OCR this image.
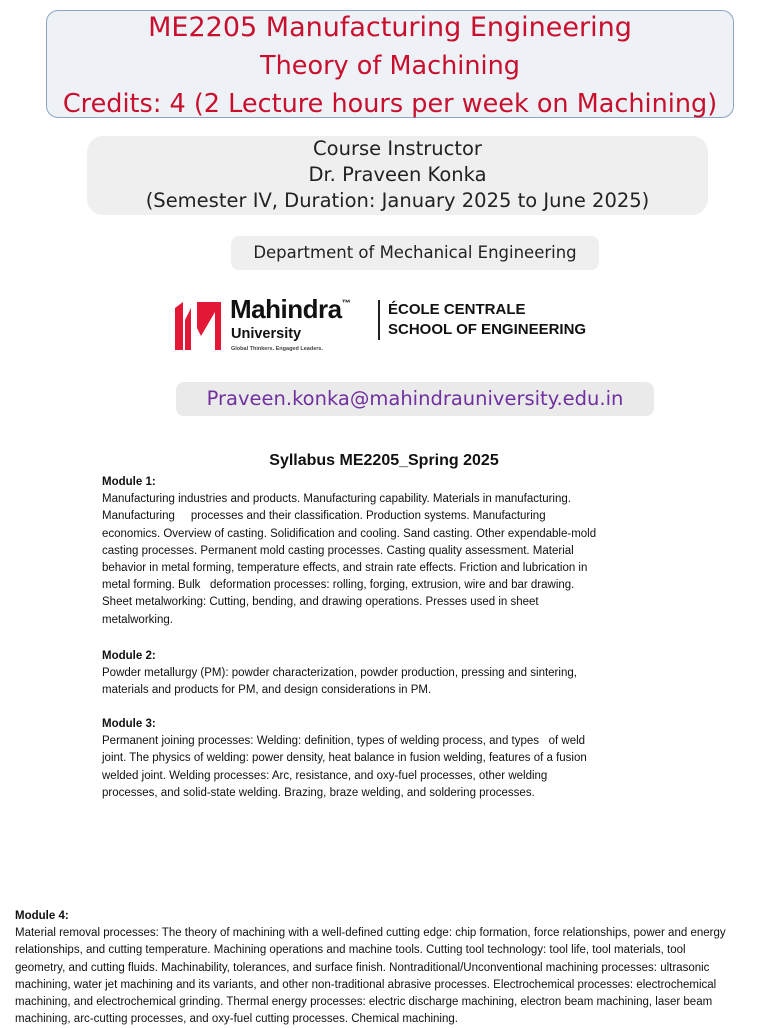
ME2205 Manufacturing Engineering
Theory of Machining
Credits: 4 (2 Lecture hours per week on Machining)
Course Instructor
Dr. Praveen Konka
(Semester IV, Duration: January 2025 to June 2025)
Department of Mechanical Engineering
Mahindra™
University
Global Thinkers. Engaged Leaders.
ÉCOLE CENTRALE
SCHOOL OF ENGINEERING
Praveen.konka@mahindrauniversity.edu.in
Syllabus ME2205_Spring 2025
Module 1:

Manufacturing industries and products. Manufacturing capability. Materials in manufacturing.
Manufacturing     processes and their classification. Production systems. Manufacturing
economics. Overview of casting. Solidification and cooling. Sand casting. Other expendable-mold
casting processes. Permanent mold casting processes. Casting quality assessment. Material
behavior in metal forming, temperature effects, and strain rate effects. Friction and lubrication in
metal forming. Bulk   deformation processes: rolling, forging, extrusion, wire and bar drawing.
Sheet metalworking: Cutting, bending, and drawing operations. Presses used in sheet
metalworking.

Module 2:

Powder metallurgy (PM): powder characterization, powder production, pressing and sintering,
materials and products for PM, and design considerations in PM.

Module 3:

Permanent joining processes: Welding: definition, types of welding process, and types   of weld
joint. The physics of welding: power density, heat balance in fusion welding, features of a fusion
welded joint. Welding processes: Arc, resistance, and oxy-fuel processes, other welding
processes, and solid-state welding. Brazing, braze welding, and soldering processes.

Module 4:

Material removal processes: The theory of machining with a well-defined cutting edge: chip formation, force relationships, power and energy
relationships, and cutting temperature. Machining operations and machine tools. Cutting tool technology: tool life, tool materials, tool
geometry, and cutting fluids. Machinability, tolerances, and surface finish. Nontraditional/Unconventional machining processes: ultrasonic
machining, water jet machining and its variants, and other non-traditional abrasive processes. Electrochemical processes: electrochemical
machining, and electrochemical grinding. Thermal energy processes: electric discharge machining, electron beam machining, laser beam
machining, arc-cutting processes, and oxy-fuel cutting processes. Chemical machining.
